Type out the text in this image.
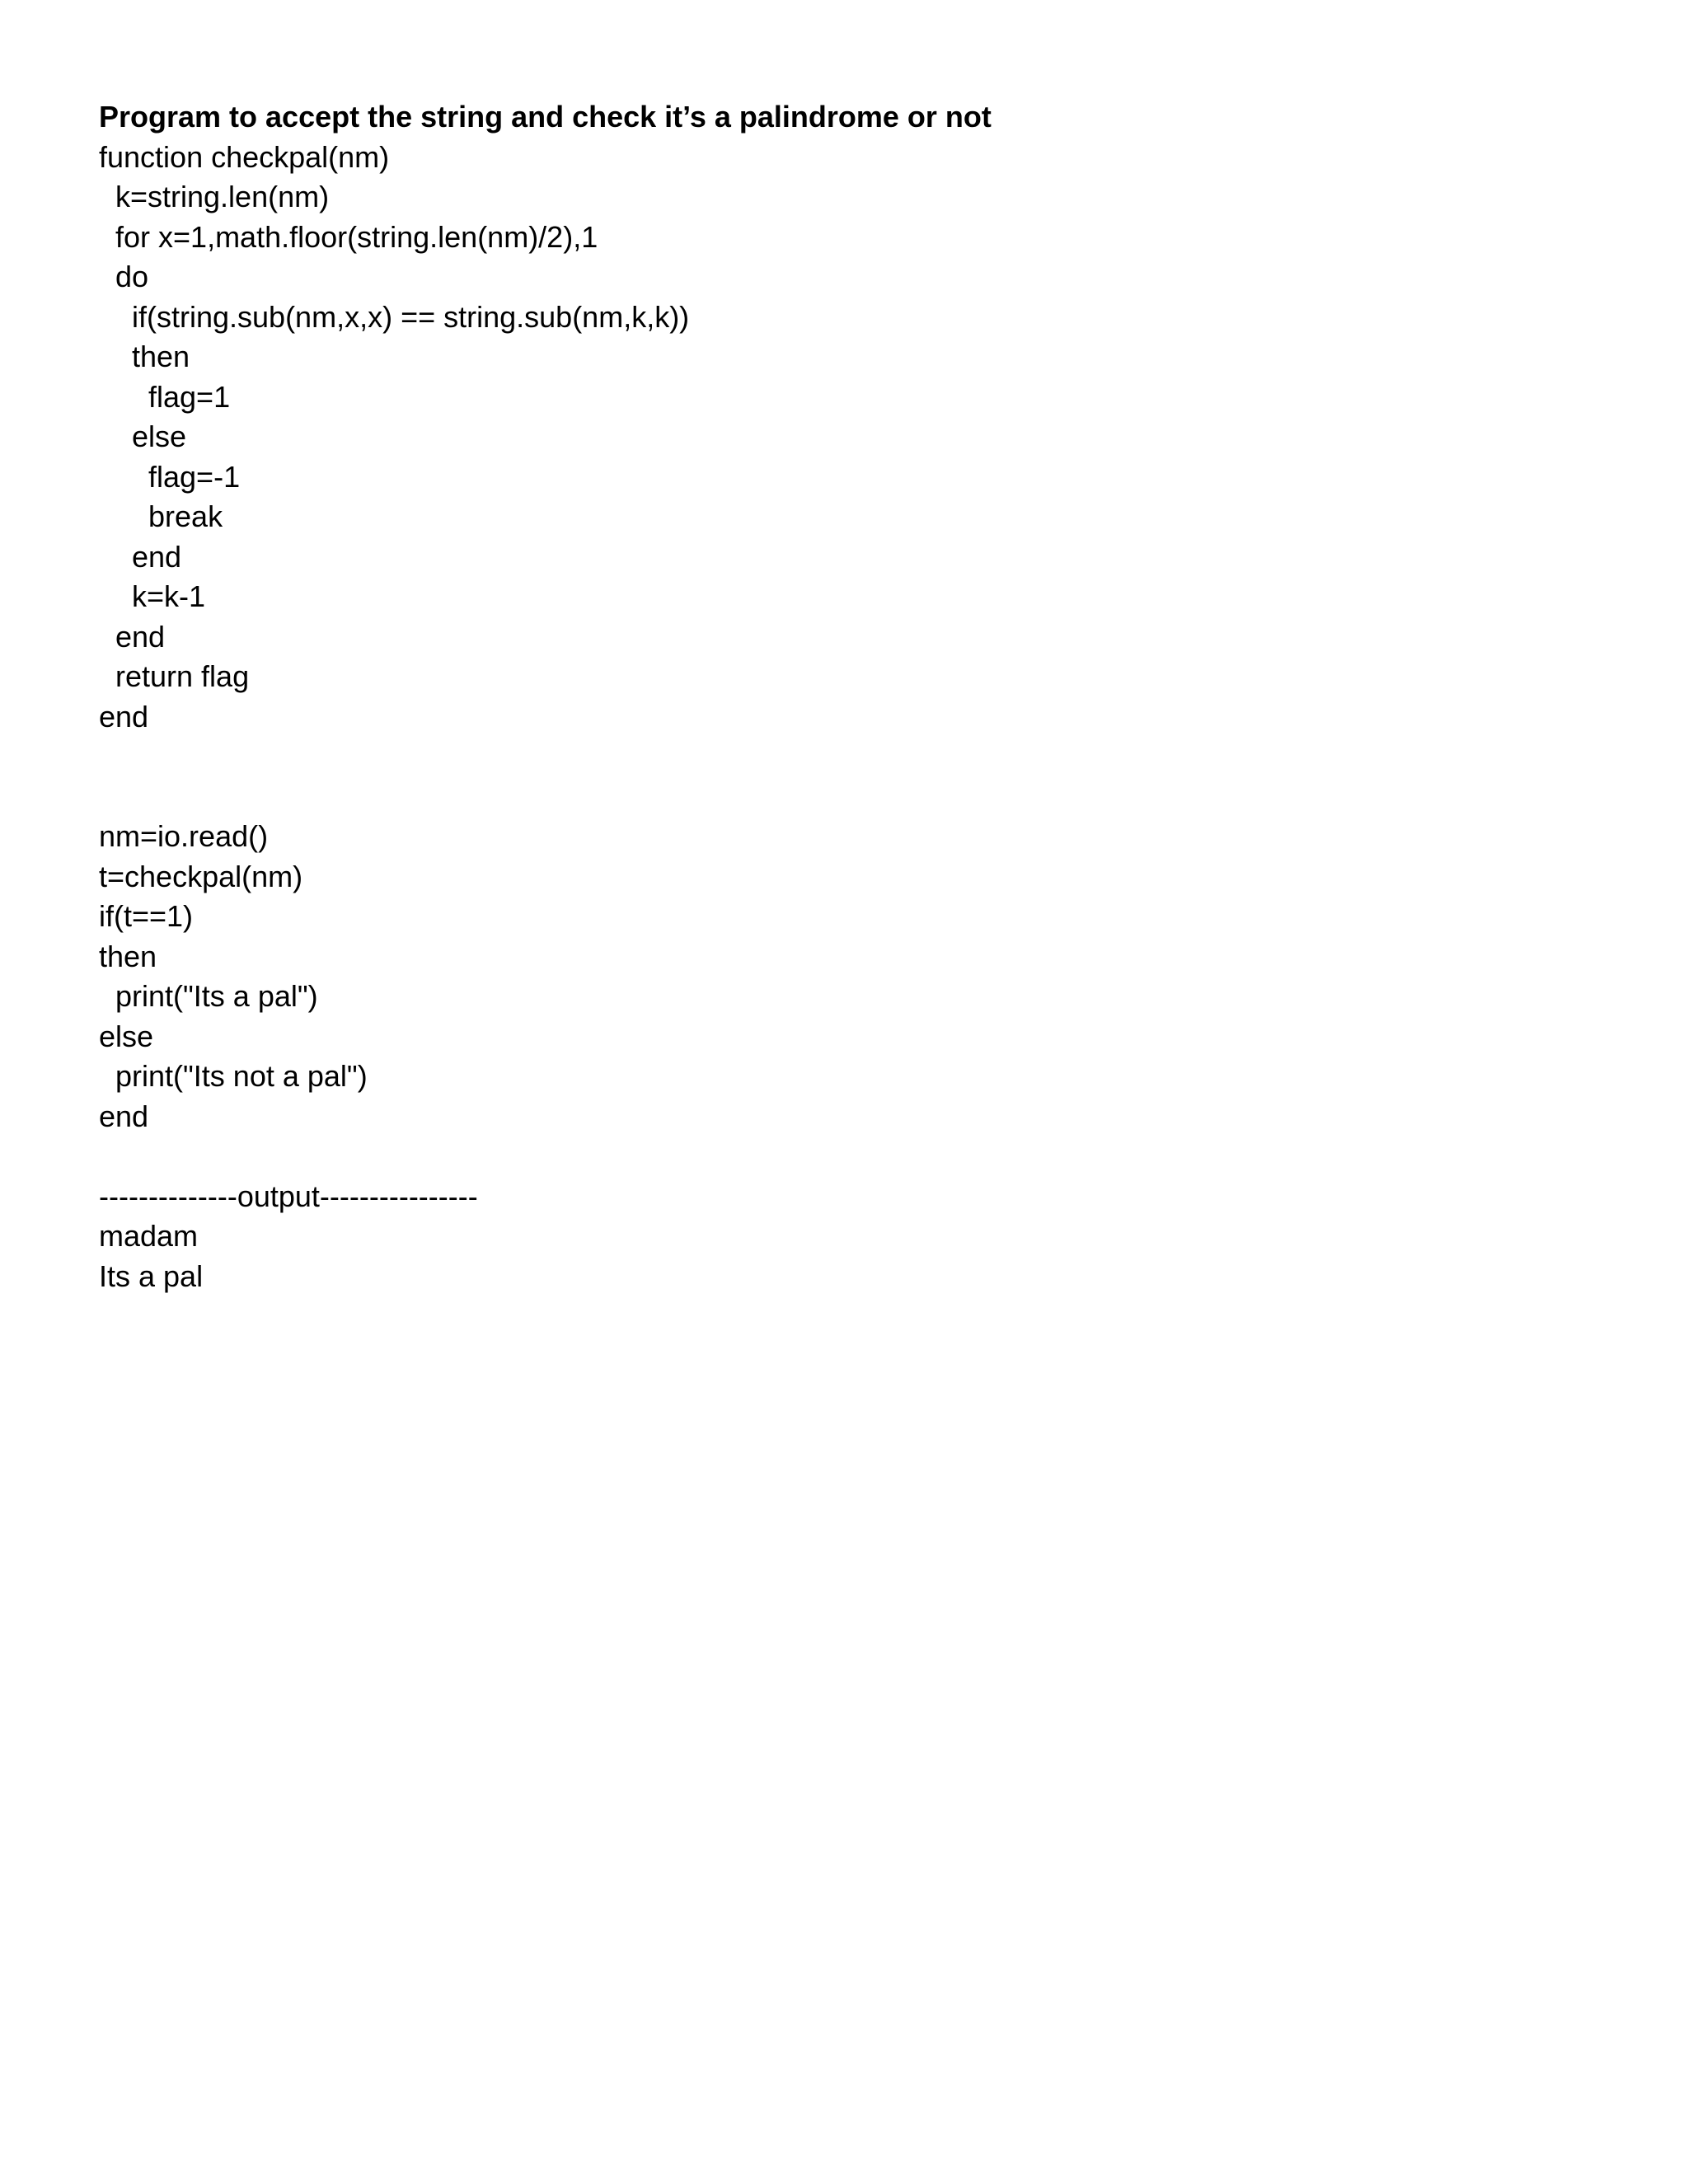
Program to accept the string and check it’s a palindrome or not
function checkpal(nm)
k=string.len(nm)
for x=1,math.floor(string.len(nm)/2),1
do
if(string.sub(nm,x,x) == string.sub(nm,k,k))
then
flag=1
else
flag=-1
break
end
k=k-1
end
return flag
end
nm=io.read()
t=checkpal(nm)
if(t==1)
then
print("Its a pal")
else
print("Its not a pal")
end
--------------output----------------
madam
Its a pal
